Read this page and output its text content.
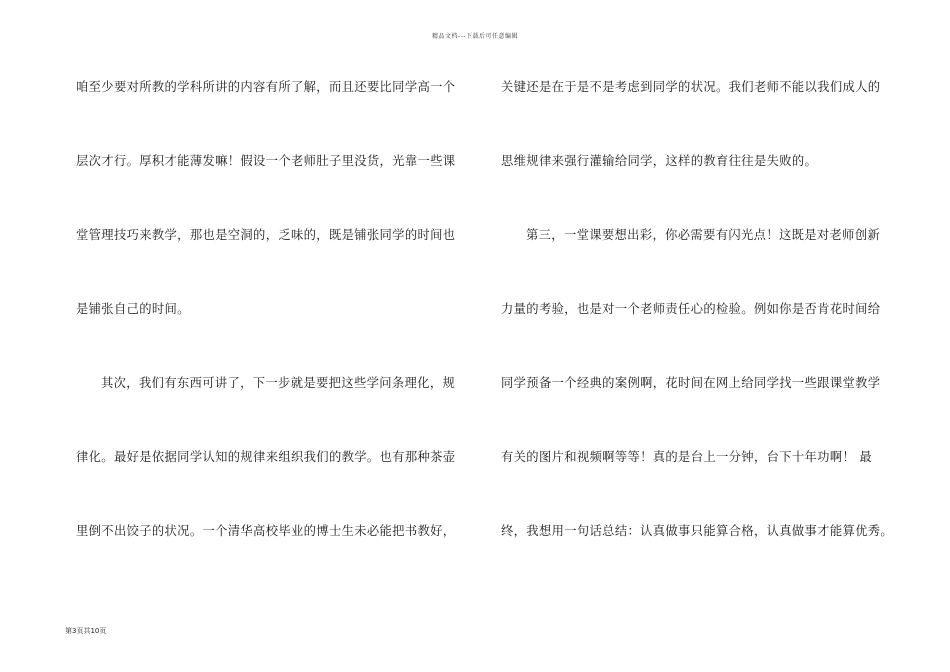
精品文档---下载后可任意编辑
咱至少要对所教的学科所讲的内容有所了解，而且还要比同学高一个
层次才行。厚积才能薄发嘛！假设一个老师肚子里没货，光靠一些课
堂管理技巧来教学，那也是空洞的，乏味的，既是铺张同学的时间也
是铺张自己的时间。
其次，我们有东西可讲了，下一步就是要把这些学问条理化，规
律化。最好是依据同学认知的规律来组织我们的教学。也有那种茶壶
里倒不出饺子的状况。一个清华高校毕业的博士生未必能把书教好，
关键还是在于是不是考虑到同学的状况。我们老师不能以我们成人的
思维规律来强行灌输给同学，这样的教育往往是失败的。
第三，一堂课要想出彩，你必需要有闪光点！这既是对老师创新
力量的考验，也是对一个老师责任心的检验。例如你是否肯花时间给
同学预备一个经典的案例啊，花时间在网上给同学找一些跟课堂教学
有关的图片和视频啊等等！真的是台上一分钟，台下十年功啊！ 最
终，我想用一句话总结：认真做事只能算合格，认真做事才能算优秀。
第3页共10页
